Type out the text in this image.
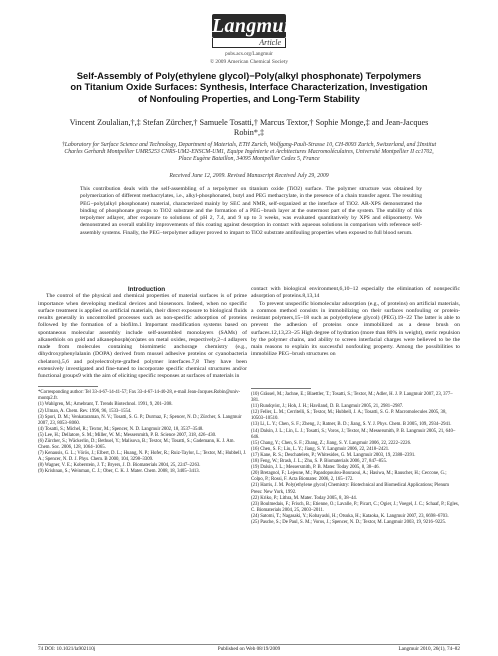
Langmuir
Article
pubs.acs.org/Langmuir
© 2009 American Chemical Society
Self-Assembly of Poly(ethylene glycol)−Poly(alkyl phosphonate) Terpolymers on Titanium Oxide Surfaces: Synthesis, Interface Characterization, Investigation of Nonfouling Properties, and Long-Term Stability
Vincent Zoulalian,†,‡ Stefan Zürcher,† Samuele Tosatti,† Marcus Textor,† Sophie Monge,‡ and Jean-Jacques Robin*,‡
†Laboratory for Surface Science and Technology, Department of Materials, ETH Zurich, Wolfgang-Pauli-Strasse 10, CH-8093 Zurich, Switzerland, and ‡Institut Charles Gerhardt Montpellier UMR5253 CNRS-UM2-ENSCM-UM1, Equipe Ingénierie et Architectures Macromoléculaires, Université Montpellier II cc1702, Place Eugène Bataillon, 34095 Montpellier Cedex 5, France
Received June 12, 2009. Revised Manuscript Received July 29, 2009
This contribution deals with the self-assembling of a terpolymer on titanium oxide (TiO2) surface. The polymer structure was obtained by polymerization of different methacrylates, i.e., alkyl-phosphonated, butyl and PEG methacrylate, in the presence of a chain transfer agent. The resulting PEG−poly(alkyl phosphonate) material, characterized mainly by SEC and NMR, self-organized at the interface of TiO2. AR-XPS demonstrated the binding of phosphonate groups to TiO2 substrate and the formation of a PEG−brush layer at the outermost part of the system. The stability of this terpolymer adlayer, after exposure to solutions of pH 2, 7.4, and 9 up to 3 weeks, was evaluated quantitatively by XPS and ellipsometry. We demonstrated an overall stability improvements of this coating against desorption in contact with aqueous solutions in comparison with reference self-assembly systems. Finally, the PEG−terpolymer adlayer proved to impart to TiO2 substrate antifouling properties when exposed to full blood serum.

Introduction

The control of the physical and chemical properties of material surfaces is of prime importance when developing medical devices and biosensors. Indeed, when no specific surface treatment is applied on artificial materials, their direct exposure to biological fluids results generally in uncontrolled processes such as non-specific adsorption of proteins followed by the formation of a biofilm.1 Important modification systems based on spontaneous molecular assembly include self-assembled monolayers (SAMs) of alkanethiols on gold and alkanephosph(on)ates on metal oxides, respectively,2−4 adlayers made from molecules containing biomimetic anchorage chemistry (e.g., dihydroxyphenylalanin (DOPA) derived from mussel adhesive proteins or cyanobacteria chelators),5,6 and polyelectrolyte-grafted polymer interfaces.7,8 They have been extensively investigated and fine-tuned to incorporate specific chemical structures and/or functional groups9 with the aim of eliciting specific responses at surfaces of materials in

*Corresponding author: Tel 33-4-67-14-41-57; Fax 33-4-67-14-40-28, e-mail Jean-Jacques.Robin@univ-montp2.fr.

(1) Wahlgren, M.; Arnebrant, T. Trends Biotechnol. 1991, 9, 201–208.

(2) Ulman, A. Chem. Rev. 1996, 96, 1533–1554.

(3) Spori, D. M.; Venkataraman, N. V.; Tosatti, S. G. P.; Durmaz, F.; Spencer, N. D.; Zürcher, S. Langmuir 2007, 23, 8053–8060.

(4) Tosatti, S.; Michel, R.; Textor, M.; Spencer, N. D. Langmuir 2002, 18, 3537–3548.

(5) Lee, H.; Dellatore, S. M.; Miller, W. M.; Messersmith, P. B. Science 2007, 318, 426–430.

(6) Zürcher, S.; Wäckerlin, D.; Bethuel, Y.; Malisova, B.; Textor, M.; Tosatti, S.; Gademann, K. J. Am. Chem. Soc. 2006, 128, 1064–1065.

(7) Kenausis, G. L.; Vörös, J.; Elbert, D. L.; Huang, N. P.; Hofer, R.; Ruiz-Taylor, L.; Textor, M.; Hubbell, J. A.; Spencer, N. D. J. Phys. Chem. B 2000, 104, 3298–3309.

(8) Wagner, V. E.; Koberstein, J. T.; Bryers, J. D. Biomaterials 2004, 25, 2247–2263.

(9) Krishnan, S.; Weinman, C. J.; Ober, C. K. J. Mater. Chem. 2008, 18, 3405–3413.

contact with biological environment,6,10−12 especially the elimination of nonspecific adsorption of proteins.8,13,14

To prevent unspecific biomolecular adsorption (e.g., of proteins) on artificial materials, a common method consists in immobilizing on their surfaces nonfouling or protein-resistant polymers,15−18 such as poly(ethylene glycol) (PEG).19−22 The latter is able to prevent the adhesion of proteins once immobilized as a dense brush on surfaces.12,13,23−25 High degree of hydration (more than 80% in weight), steric repulsion by the polymer chains, and ability to screen interfacial charges were believed to be the main reasons to explain its successful nonfouling property. Among the possibilities to immobilize PEG−brush structures on

(10) Grässel, M.; Jachne, E.; Blaettler, T.; Tosatti, S.; Textor, M.; Adler, H. J. P. Langmuir 2007, 23, 377–381.

(11) Rundqvist, J.; Hoh, J. H.; Haviland, D. B. Langmuir 2005, 21, 2981–2987.

(12) Feller, L. M.; Cerritelli, S.; Textor, M.; Hubbell, J. A.; Tosatti, S. G. P. Macromolecules 2005, 38, 10503–10510.

(13) Li, L. Y.; Chen, S. F.; Zheng, J.; Ratner, B. D.; Jiang, S. Y. J. Phys. Chem. B 2005, 109, 2934–2941.

(14) Dalsin, J. L.; Lin, L. J.; Tosatti, S.; Voros, J.; Textor, M.; Messersmith, P. B. Langmuir 2005, 21, 640–646.

(15) Chang, Y.; Chen, S. F.; Zhang, Z.; Jiang, S. Y. Langmuir 2006, 22, 2222–2226.

(16) Chen, S. F.; Liu, L. Y.; Jiang, S. Y. Langmuir 2006, 22, 2418–2421.

(17) Kane, R. S.; Deschatelets, P.; Whitesides, G. M. Langmuir 2003, 19, 2388–2391.

(18) Feng, W.; Brash, J. L.; Zhu, S. P. Biomaterials 2006, 27, 847–855.

(19) Dalsin, J. L.; Messersmith, P. B. Mater. Today 2005, 8, 38–46.

(20) Bretagnol, F.; Lejeune, M.; Papadopoulou-Bouraoui, A.; Hasiwa, M.; Rauscher, H.; Ceccone, G.; Colpo, P.; Rossi, F. Acta Biomater. 2006, 2, 165–172.

(21) Harris, J. M. Poly(ethylene glycol) Chemistry: Biotechnical and Biomedical Applications; Plenum Press: New York, 1992.

(22) Kriko, P.; Lithra, M. Mater. Today 2005, 8, 38–44.

(23) Boulmedais, F.; Frisch, B.; Etienne, O.; Lavalle, P.; Picart, C.; Ogier, J.; Voegel, J. C.; Schaaf, P.; Egles, C. Biomaterials 2004, 25, 2003–2011.

(24) Satomi, T.; Nagasaki, Y.; Kobayashi, H.; Otsuka, H.; Kataoka, K. Langmuir 2007, 23, 6698–6703.

(25) Pasche, S.; De Paul, S. M.; Voros, J.; Spencer, N. D.; Textor, M. Langmuir 2003, 19, 9216–9225.

74 DOI: 10.1021/la902110j	Published on Web 08/19/2009	Langmuir 2010, 26(1), 74–82
